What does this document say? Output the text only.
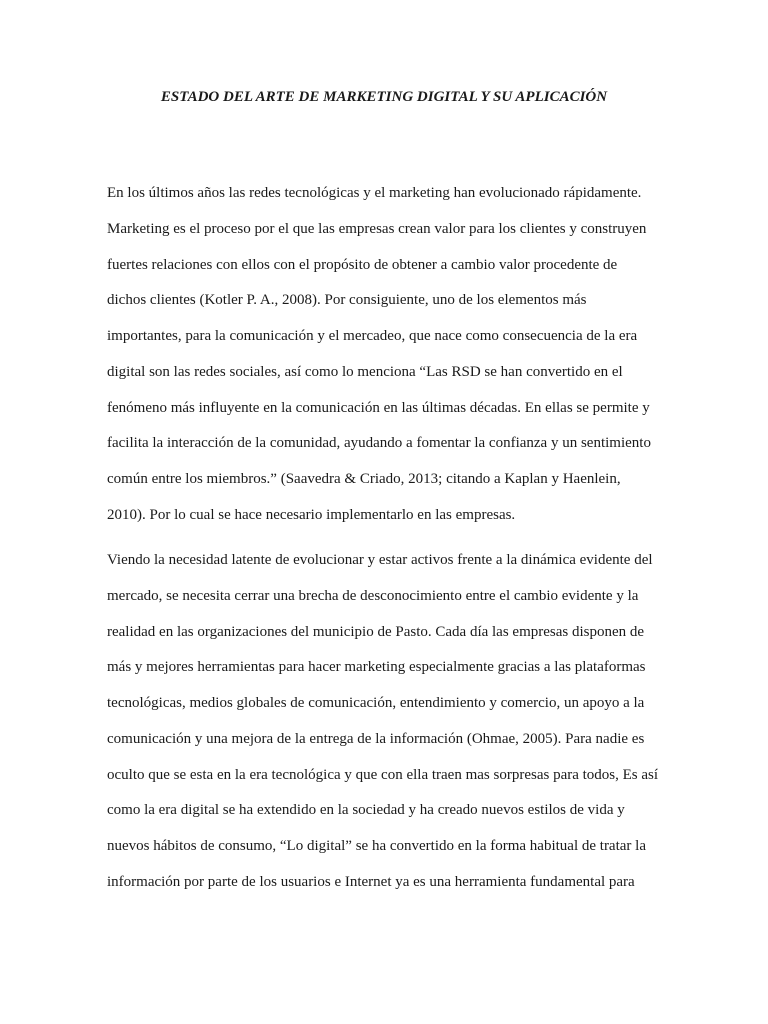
ESTADO DEL ARTE DE MARKETING DIGITAL Y SU APLICACIÓN

En los últimos años las redes tecnológicas y el marketing han evolucionado rápidamente.

Marketing es el proceso por el que las empresas crean valor para los clientes y construyen

fuertes relaciones con ellos con el propósito de obtener a cambio valor procedente de

dichos clientes (Kotler P. A., 2008). Por consiguiente, uno de los elementos más

importantes, para la comunicación y el mercadeo, que nace como consecuencia de la era

digital son las redes sociales, así como lo menciona “Las RSD se han convertido en el

fenómeno más influyente en la comunicación en las últimas décadas. En ellas se permite y

facilita la interacción de la comunidad, ayudando a fomentar la confianza y un sentimiento

común entre los miembros.” (Saavedra & Criado, 2013; citando a Kaplan y Haenlein,

2010). Por lo cual se hace necesario implementarlo en las empresas.

Viendo la necesidad latente de evolucionar y estar activos frente a la dinámica evidente del

mercado, se necesita cerrar una brecha de desconocimiento entre el cambio evidente y la

realidad en las organizaciones del municipio de Pasto. Cada día las empresas disponen de

más y mejores herramientas para hacer marketing especialmente gracias a las plataformas

tecnológicas, medios globales de comunicación, entendimiento y comercio, un apoyo a la

comunicación y una mejora de la entrega de la información (Ohmae, 2005). Para nadie es

oculto que se esta en la era tecnológica y que con ella traen mas sorpresas para todos, Es así

como la era digital se ha extendido en la sociedad y ha creado nuevos estilos de vida y

nuevos hábitos de consumo, “Lo digital” se ha convertido en la forma habitual de tratar la

información por parte de los usuarios e Internet ya es una herramienta fundamental para
